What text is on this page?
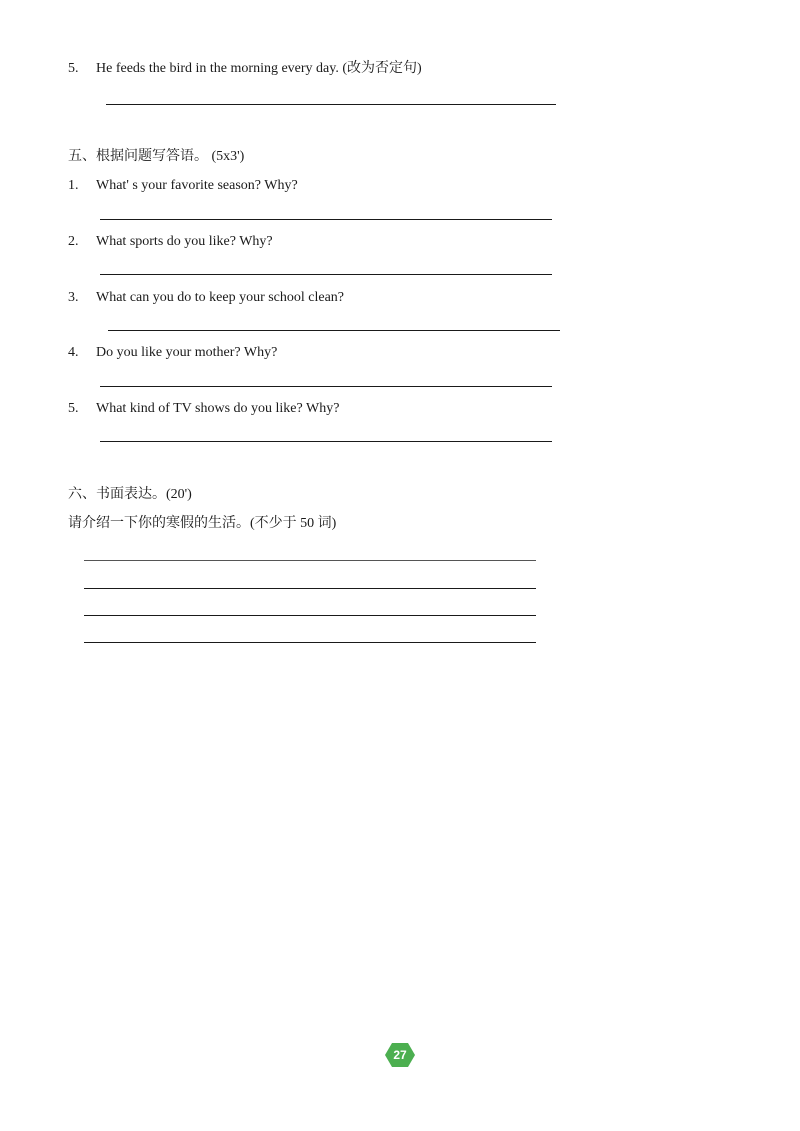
5. He feeds the bird in the morning every day. (改为否定句)
五、根据问题写答语。 (5x3')
1. What' s your favorite season? Why?
2. What sports do you like? Why?
3. What can you do to keep your school clean?
4. Do you like your mother? Why?
5. What kind of TV shows do you like? Why?
六、书面表达。(20')
请介绍一下你的寒假的生活。(不少于 50 词)
27
